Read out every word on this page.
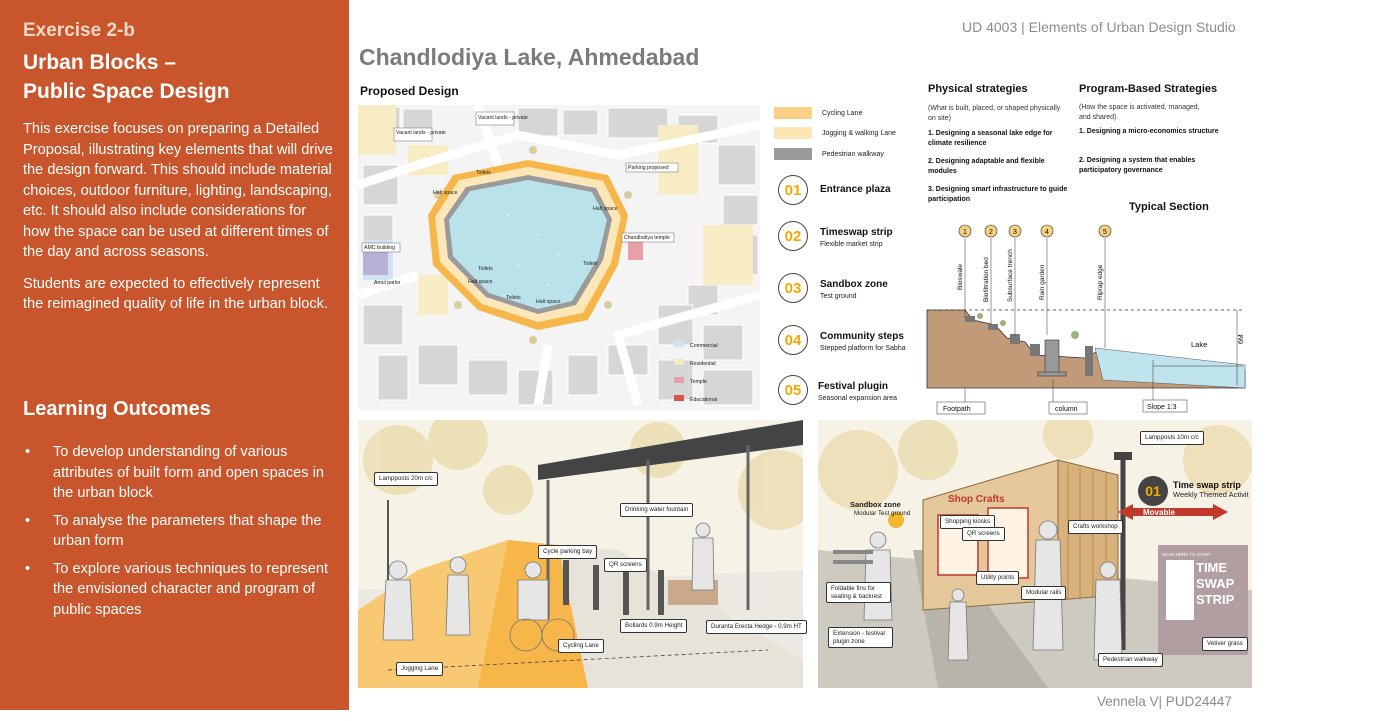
Exercise 2-b
Urban Blocks –
Public Space Design

This exercise focuses on preparing a Detailed Proposal, illustrating key elements that will drive the design forward. This should include material choices, outdoor furniture, lighting, landscaping, etc. It should also include considerations for how the space can be used at different times of the day and across seasons.

Students are expected to effectively represent the reimagined quality of life in the urban block.

Learning Outcomes
• To develop understanding of various attributes of built form and open spaces in the urban block
• To analyse the parameters that shape the urban form
• To explore various techniques to represent the envisioned character and program of public spaces
UD 4003 | Elements of Urban Design Studio
Chandlodiya Lake, Ahmedabad
Proposed Design
Vacant lands - private
Vacant lands - private
Parking proposed
Toilets
Toilets
Toilets
Toilets
Halt space
Halt space
Halt space
Halt space
Chandlodiya temple
AMC building
Amul parlor
Commercial
Residential
Temple
Educational
Cycling Lane
Jogging & walking Lane
Pedestrian walkway
01	Entrance plaza
02	Timeswap strip
Flexible market strip
03	Sandbox zone
Test ground
04	Community steps
Stepped platform for Sabha
05	Festival plugin
Seasonal expansion area
Physical strategies
(What is built, placed, or shaped physically on site)
1. Designing a seasonal lake edge for climate resilience
2. Designing adaptable and flexible modules
3. Designing smart infrastructure to guide participation
Program-Based Strategies
(How the space is activated, managed, and shared)
1. Designing a micro-economics structure
2. Designing a system that enables participatory governance
Typical Section
Lake
6M
1	2	3	4	5
Bioswale	Biofiltration bed	Subsurface trench	Rain garden	Riprap edge
Footpath	column	Slope 1:3
Lampposts 20m c/c
Drinking water fountain
Cycle parking bay
QR screens
Bollards 0.9m Height	Duranta Erecta Hedge - 0.9m HT
Cycling Lane
Jogging Lane
Shop Crafts
TIME
SWAP
STRIP
SCAN HERE TO START
Movable
Sandbox zone
Modular Test ground
Lampposts 10m c/c
Shopping kiosks
QR screens
Crafts workshop
Foldable fins for seating & backrest
Utility points
Modular rails
Extension - festival plugin zone
Pedestrian walkway
Vetiver grass
01	Time swap strip
Weekly Themed Activit
Vennela V| PUD24447
